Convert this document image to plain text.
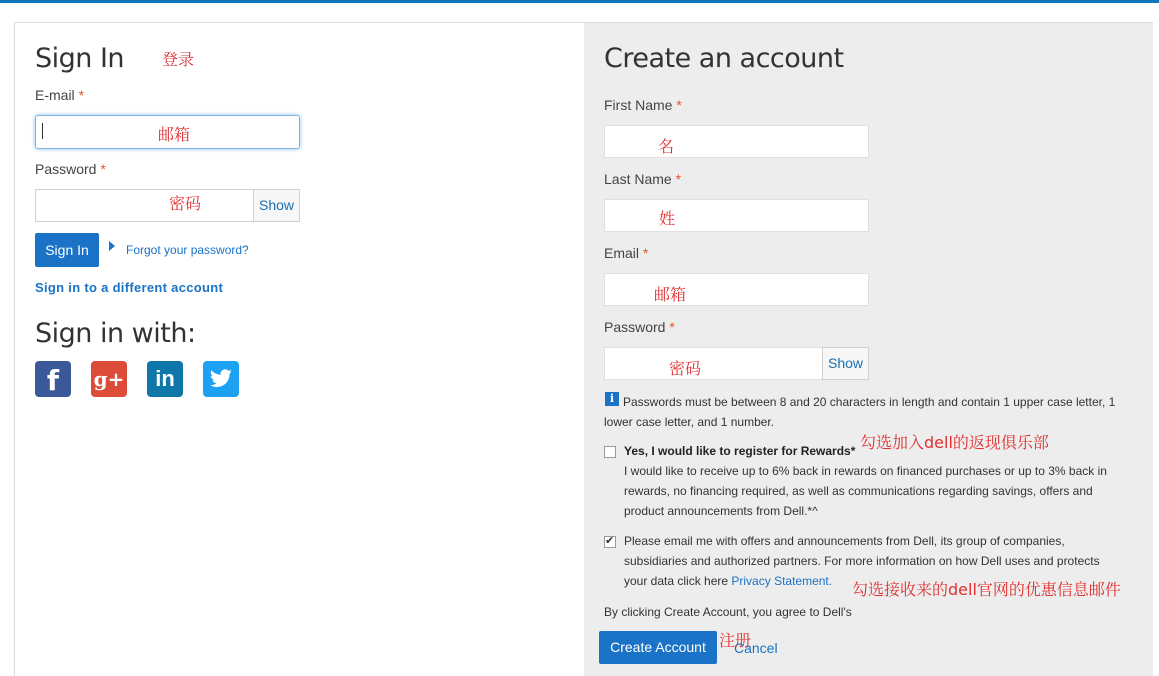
Sign In 登录
E-mail *
邮箱
Password *
密码	Show
Sign In	Forgot your password?
Sign in to a different account
Sign in with:
f	g+	in
Create an account
First Name *
名
Last Name *
姓
Email *
邮箱
Password *
密码	Show
i Passwords must be between 8 and 20 characters in length and contain 1 upper case letter, 1
lower case letter, and 1 number.
勾选加入dell的返现俱乐部
Yes, I would like to register for Rewards*
I would like to receive up to 6% back in rewards on financed purchases or up to 3% back in
rewards, no financing required, as well as communications regarding savings, offers and
product announcements from Dell.*^
✔
Please email me with offers and announcements from Dell, its group of companies,
subsidiaries and authorized partners. For more information on how Dell uses and protects
your data click here Privacy Statement. 勾选接收来的dell官网的优惠信息邮件
By clicking Create Account, you agree to Dell's
Create Account	Cancel
注册
